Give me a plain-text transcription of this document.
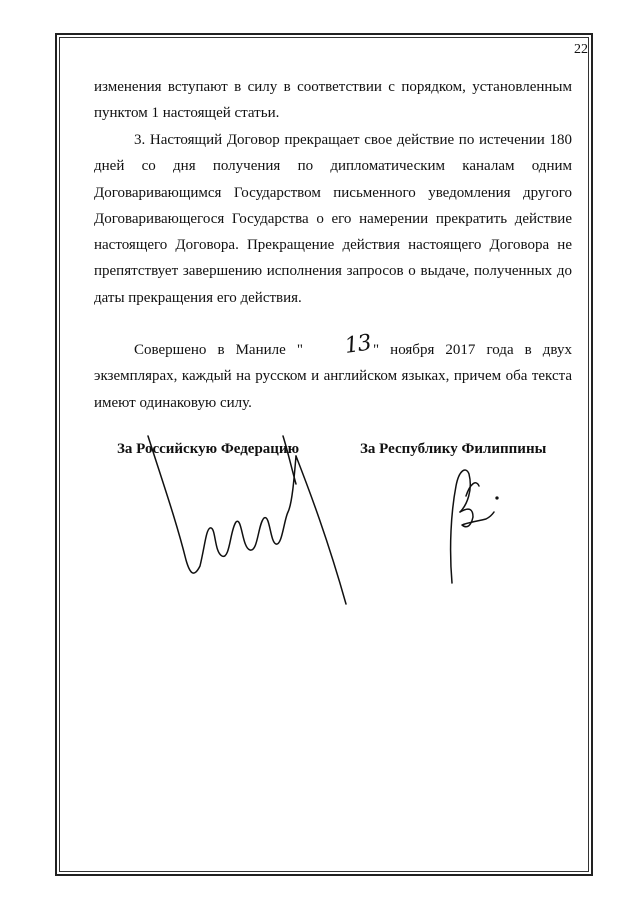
22
изменения вступают в силу в соответствии с порядком, установленным пунктом 1 настоящей статьи.
3. Настоящий Договор прекращает свое действие по истечении 180 дней со дня получения по дипломатическим каналам одним Договаривающимся Государством письменного уведомления другого Договаривающегося Государства о его намерении прекратить действие настоящего Договора. Прекращение действия настоящего Договора не препятствует завершению исполнения запросов о выдаче, полученных до даты прекращения его действия.
Совершено в Маниле " 13" ноября 2017 года в двух экземплярах, каждый на русском и английском языках, причем оба текста имеют одинаковую силу.
За Российскую Федерацию	За Республику Филиппины
